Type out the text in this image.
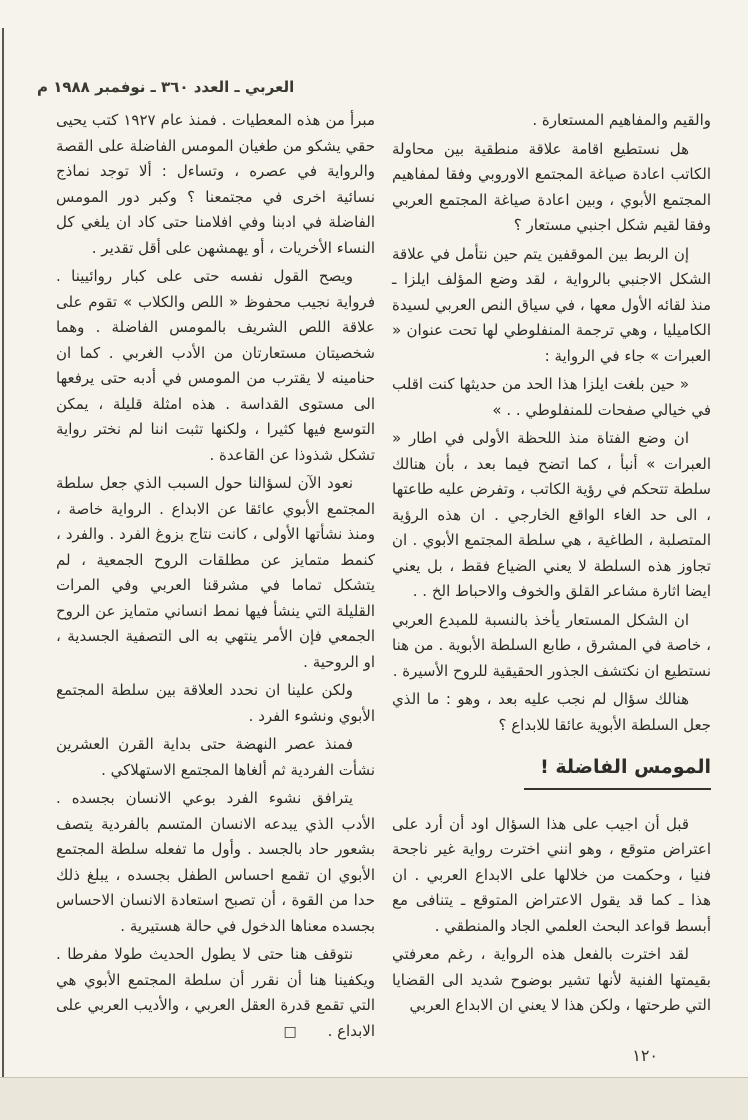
العربي ـ العدد ٣٦٠ ـ نوفمبر ١٩٨٨ م

والقيم والمفاهيم المستعارة .

هل نستطيع اقامة علاقة منطقية بين محاولة الكاتب اعادة صياغة المجتمع الاوروبي وفقا لمفاهيم المجتمع الأبوي ، وبين اعادة صياغة المجتمع العربي وفقا لقيم شكل اجنبي مستعار ؟

إن الربط بين الموقفين يتم حين نتأمل في علاقة الشكل الاجنبي بالرواية ، لقد وضع المؤلف ايلزا ـ منذ لقائه الأول معها ، في سياق النص العربي لسيدة الكاميليا ، وهي ترجمة المنفلوطي لها تحت عنوان « العبرات » جاء في الرواية :

« حين بلغت ايلزا هذا الحد من حديثها كنت اقلب في خيالي صفحات للمنفلوطي . . »

ان وضع الفتاة منذ اللحظة الأولى في اطار « العبرات » أنبأ ، كما اتضح فيما بعد ، بأن هنالك سلطة تتحكم في رؤية الكاتب ، وتفرض عليه طاعتها ، الى حد الغاء الواقع الخارجي . ان هذه الرؤية المتصلبة ، الطاغية ، هي سلطة المجتمع الأبوي . ان تجاوز هذه السلطة لا يعني الضياع فقط ، بل يعني ايضا اثارة مشاعر القلق والخوف والاحباط الخ . .

ان الشكل المستعار يأخذ بالنسبة للمبدع العربي ، خاصة في المشرق ، طابع السلطة الأبوية . من هنا نستطيع ان نكتشف الجذور الحقيقية للروح الأسيرة .

هنالك سؤال لم نجب عليه بعد ، وهو : ما الذي جعل السلطة الأبوية عائقا للابداع ؟

المومس الفاضلة !

قبل أن اجيب على هذا السؤال اود أن أرد على اعتراض متوقع ، وهو انني اخترت رواية غير ناجحة فنيا ، وحكمت من خلالها على الابداع العربي . ان هذا ـ كما قد يقول الاعتراض المتوقع ـ يتنافى مع أبسط قواعد البحث العلمي الجاد والمنطقي .

لقد اخترت بالفعل هذه الرواية ، رغم معرفتي بقيمتها الفنية لأنها تشير بوضوح شديد الى القضايا التي طرحتها ، ولكن هذا لا يعني ان الابداع العربي

مبرأ من هذه المعطيات . فمنذ عام ١٩٢٧ كتب يحيى حقي يشكو من طغيان المومس الفاضلة على القصة والرواية في عصره ، وتساءل : ألا توجد نماذج نسائية اخرى في مجتمعنا ؟ وكبر دور المومس الفاضلة في ادبنا وفي افلامنا حتى كاد ان يلغي كل النساء الأخريات ، أو يهمشهن على أقل تقدير .

ويصح القول نفسه حتى على كبار روائيينا . فرواية نجيب محفوظ « اللص والكلاب » تقوم على علاقة اللص الشريف بالمومس الفاضلة . وهما شخصيتان مستعارتان من الأدب الغربي . كما ان حنامينه لا يقترب من المومس في أدبه حتى يرفعها الى مستوى القداسة . هذه امثلة قليلة ، يمكن التوسع فيها كثيرا ، ولكنها تثبت اننا لم نختر رواية تشكل شذوذا عن القاعدة .

نعود الآن لسؤالنا حول السبب الذي جعل سلطة المجتمع الأبوي عائقا عن الابداع . الرواية خاصة ، ومنذ نشأتها الأولى ، كانت نتاج بزوغ الفرد . والفرد ، كنمط متمايز عن مطلقات الروح الجمعية ، لم يتشكل تماما في مشرقنا العربي وفي المرات القليلة التي ينشأ فيها نمط انساني متمايز عن الروح الجمعي فإن الأمر ينتهي به الى التصفية الجسدية ، او الروحية .

ولكن علينا ان نحدد العلاقة بين سلطة المجتمع الأبوي ونشوء الفرد .

فمنذ عصر النهضة حتى بداية القرن العشرين نشأت الفردية ثم ألغاها المجتمع الاستهلاكي .

يترافق نشوء الفرد بوعي الانسان بجسده . الأدب الذي يبدعه الانسان المتسم بالفردية يتصف بشعور حاد بالجسد . وأول ما تفعله سلطة المجتمع الأبوي ان تقمع احساس الطفل بجسده ، يبلغ ذلك حدا من القوة ، أن تصبح استعادة الانسان الاحساس بجسده معناها الدخول في حالة هستيرية .

نتوقف هنا حتى لا يطول الحديث طولا مفرطا . ويكفينا هنا أن نقرر أن سلطة المجتمع الأبوي هي التي تقمع قدرة العقل العربي ، والأديب العربي على الابداع . □

١٢٠
